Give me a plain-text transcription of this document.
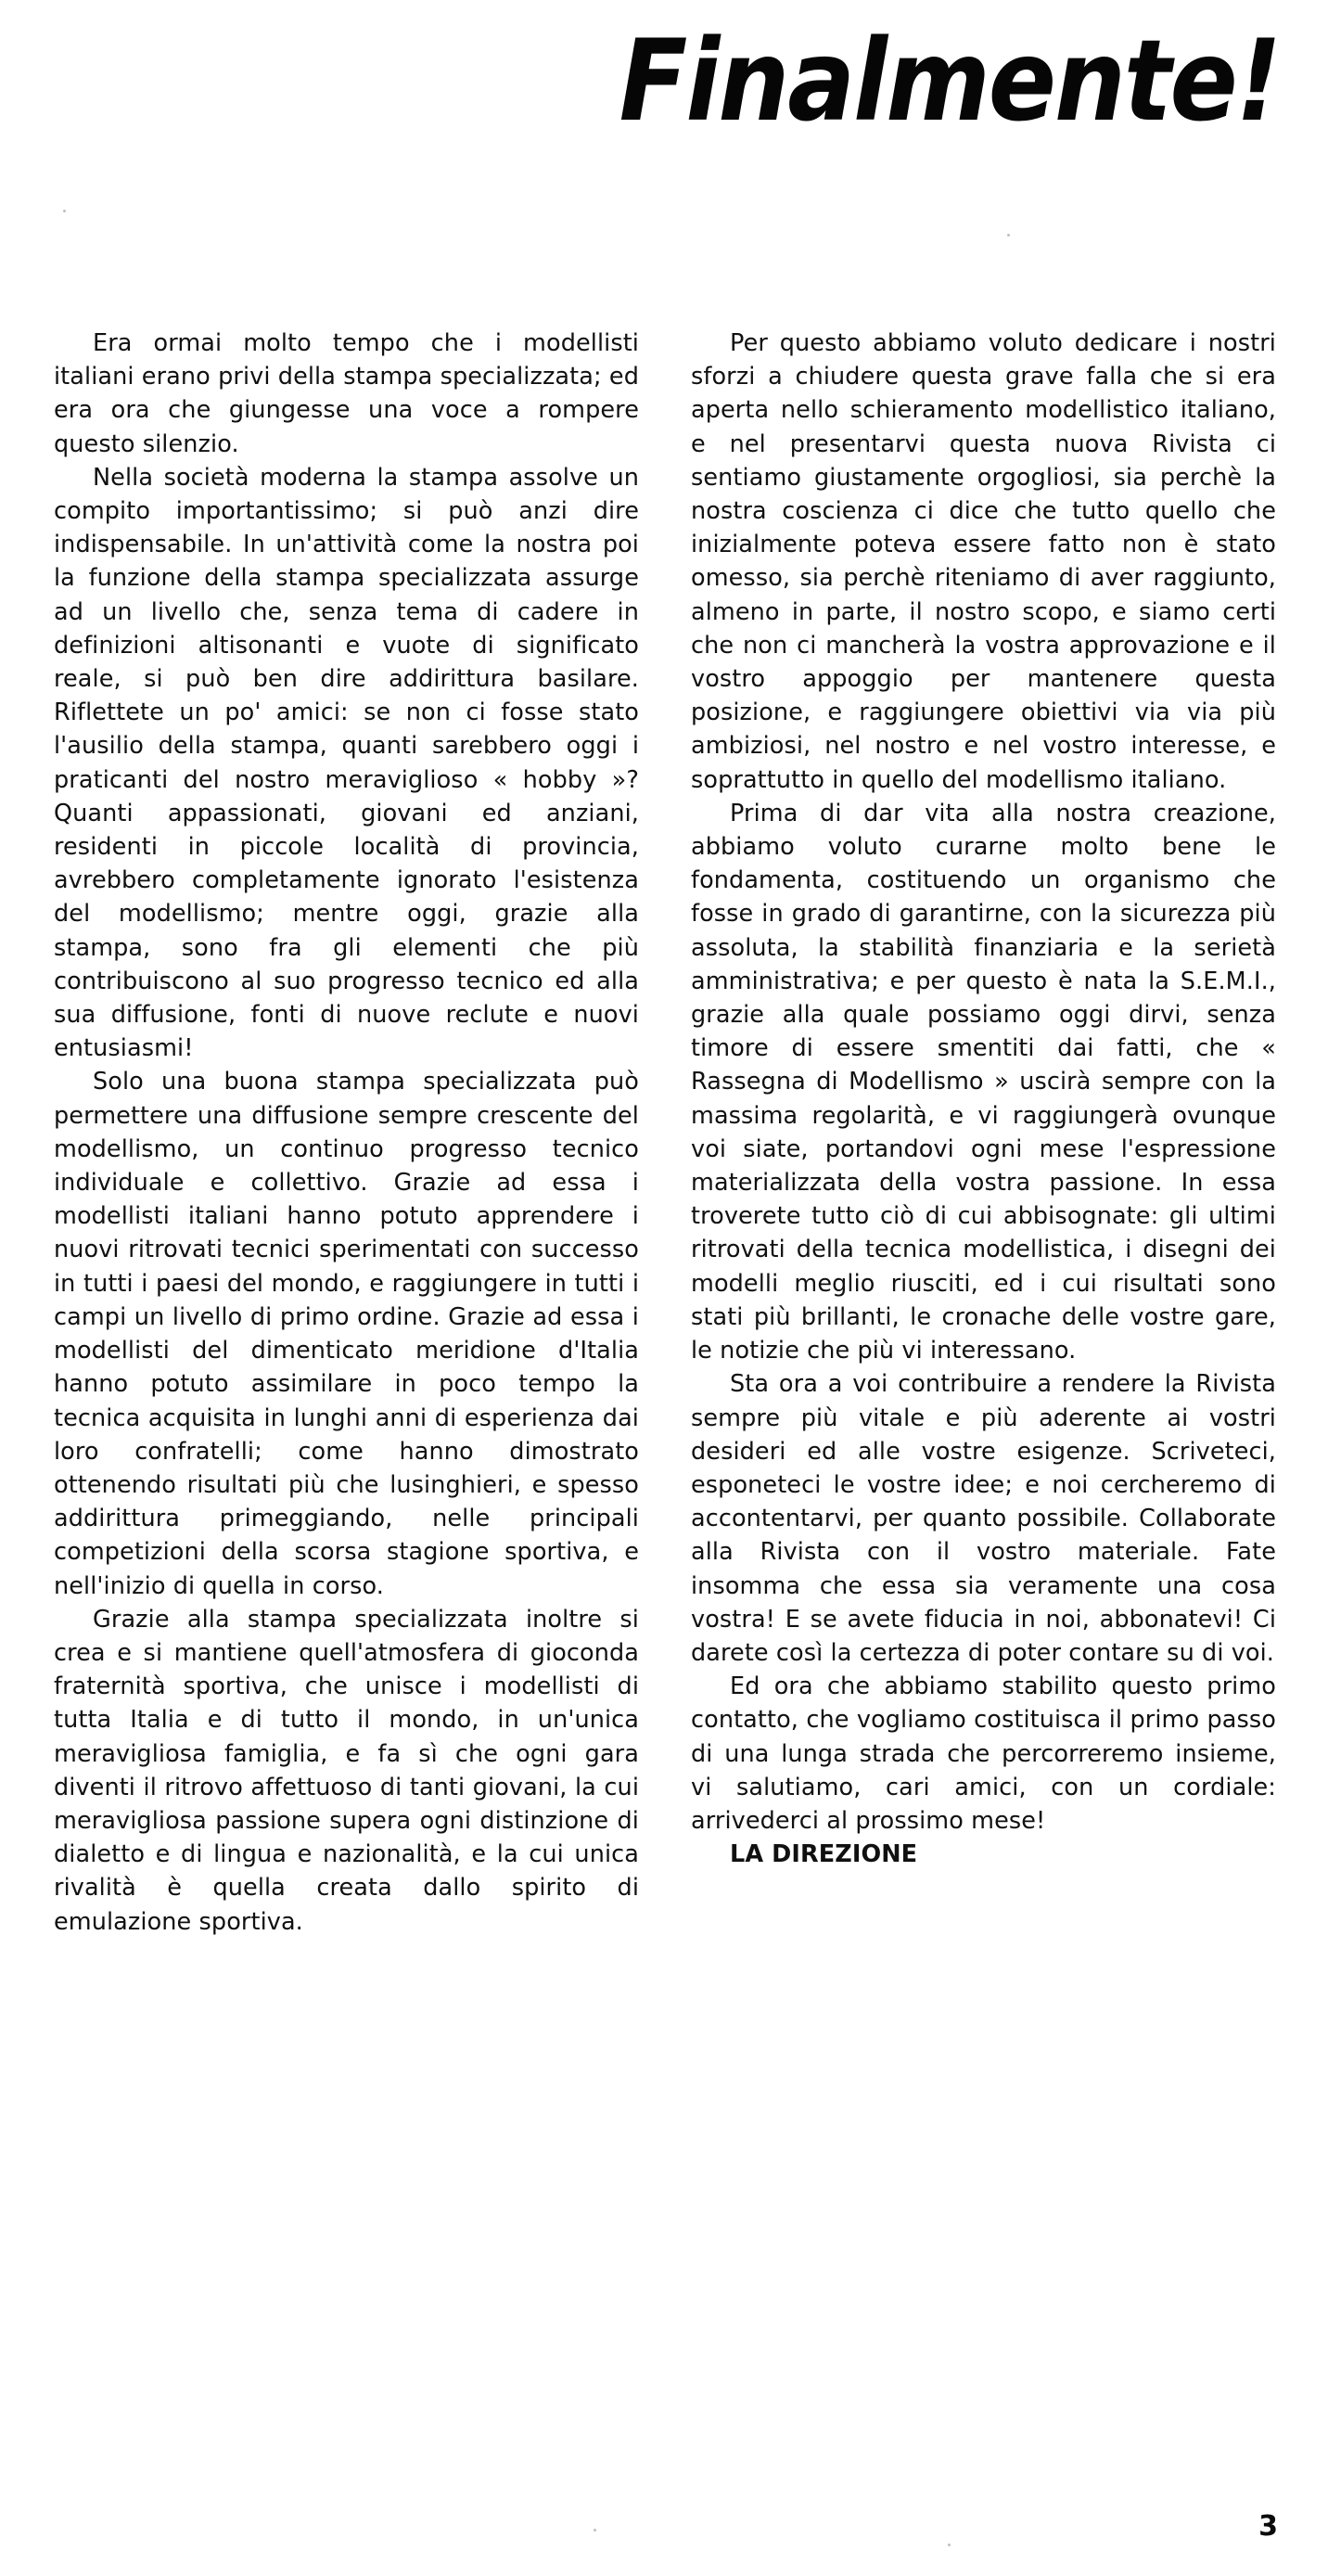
Finalmente!

Era ormai molto tempo che i modellisti italiani erano privi della stampa specializzata; ed era ora che giungesse una voce a rompere questo silenzio.

Nella società moderna la stampa assolve un compito importantissimo; si può anzi dire indispensabile. In un'attività come la nostra poi la funzione della stampa specializzata assurge ad un livello che, senza tema di cadere in definizioni altisonanti e vuote di significato reale, si può ben dire addirittura basilare. Riflettete un po' amici: se non ci fosse stato l'ausilio della stampa, quanti sarebbero oggi i praticanti del nostro meraviglioso « hobby »? Quanti appassionati, giovani ed anziani, residenti in piccole località di provincia, avrebbero completamente ignorato l'esistenza del modellismo; mentre oggi, grazie alla stampa, sono fra gli elementi che più contribuiscono al suo progresso tecnico ed alla sua diffusione, fonti di nuove reclute e nuovi entusiasmi!

Solo una buona stampa specializzata può permettere una diffusione sempre crescente del modellismo, un continuo progresso tecnico individuale e collettivo. Grazie ad essa i modellisti italiani hanno potuto apprendere i nuovi ritrovati tecnici sperimentati con successo in tutti i paesi del mondo, e raggiungere in tutti i campi un livello di primo ordine. Grazie ad essa i modellisti del dimenticato meridione d'Italia hanno potuto assimilare in poco tempo la tecnica acquisita in lunghi anni di esperienza dai loro confratelli; come hanno dimostrato ottenendo risultati più che lusinghieri, e spesso addirittura primeggiando, nelle principali competizioni della scorsa stagione sportiva, e nell'inizio di quella in corso.

Grazie alla stampa specializzata inoltre si crea e si mantiene quell'atmosfera di gioconda fraternità sportiva, che unisce i modellisti di tutta Italia e di tutto il mondo, in un'unica meravigliosa famiglia, e fa sì che ogni gara diventi il ritrovo affettuoso di tanti giovani, la cui meravigliosa passione supera ogni distinzione di dialetto e di lingua e nazionalità, e la cui unica rivalità è quella creata dallo spirito di emulazione sportiva.

Per questo abbiamo voluto dedicare i nostri sforzi a chiudere questa grave falla che si era aperta nello schieramento modellistico italiano, e nel presentarvi questa nuova Rivista ci sentiamo giustamente orgogliosi, sia perchè la nostra coscienza ci dice che tutto quello che inizialmente poteva essere fatto non è stato omesso, sia perchè riteniamo di aver raggiunto, almeno in parte, il nostro scopo, e siamo certi che non ci mancherà la vostra approvazione e il vostro appoggio per mantenere questa posizione, e raggiungere obiettivi via via più ambiziosi, nel nostro e nel vostro interesse, e soprattutto in quello del modellismo italiano.

Prima di dar vita alla nostra creazione, abbiamo voluto curarne molto bene le fondamenta, costituendo un organismo che fosse in grado di garantirne, con la sicurezza più assoluta, la stabilità finanziaria e la serietà amministrativa; e per questo è nata la S.E.M.I., grazie alla quale possiamo oggi dirvi, senza timore di essere smentiti dai fatti, che « Rassegna di Modellismo » uscirà sempre con la massima regolarità, e vi raggiungerà ovunque voi siate, portandovi ogni mese l'espressione materializzata della vostra passione. In essa troverete tutto ciò di cui abbisognate: gli ultimi ritrovati della tecnica modellistica, i disegni dei modelli meglio riusciti, ed i cui risultati sono stati più brillanti, le cronache delle vostre gare, le notizie che più vi interessano.

Sta ora a voi contribuire a rendere la Rivista sempre più vitale e più aderente ai vostri desideri ed alle vostre esigenze. Scriveteci, esponeteci le vostre idee; e noi cercheremo di accontentarvi, per quanto possibile. Collaborate alla Rivista con il vostro materiale. Fate insomma che essa sia veramente una cosa vostra! E se avete fiducia in noi, abbonatevi! Ci darete così la certezza di poter contare su di voi.

Ed ora che abbiamo stabilito questo primo contatto, che vogliamo costituisca il primo passo di una lunga strada che percorreremo insieme, vi salutiamo, cari amici, con un cordiale: arrivederci al prossimo mese!

LA DIREZIONE

3
